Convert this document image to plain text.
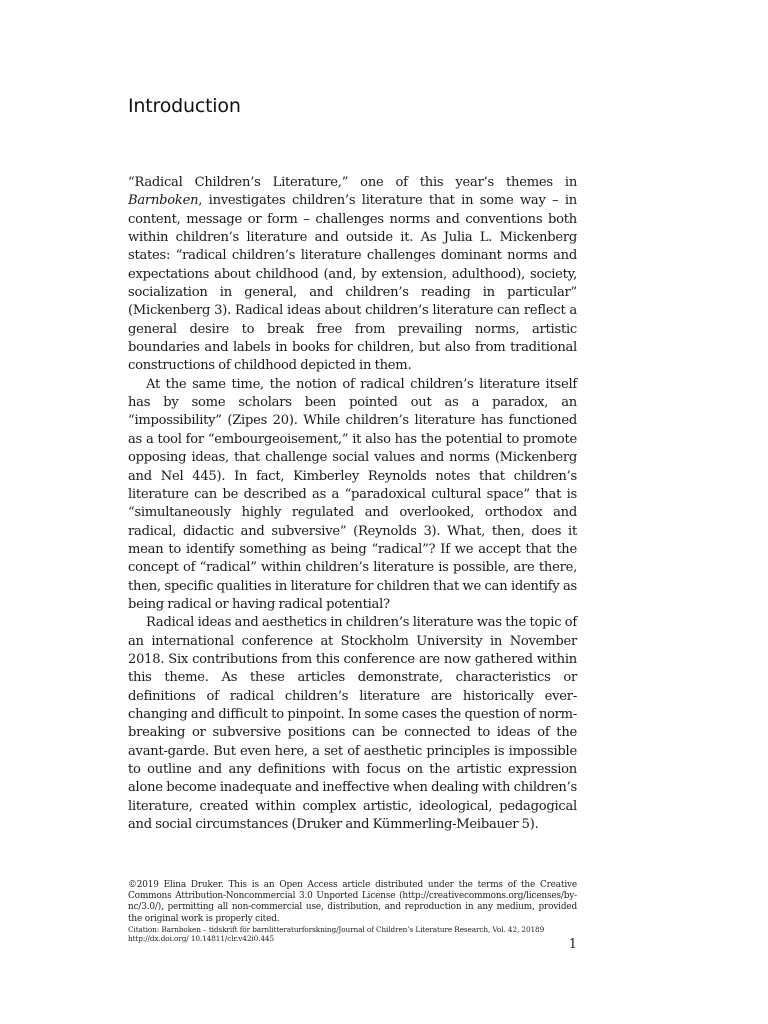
Introduction

“Radical Children’s Literature,” one of this year’s themes in Barnboken, investigates children’s literature that in some way – in content, message or form – challenges norms and conventions both within children’s literature and outside it. As Julia L. Mickenberg states: “radical children’s literature challenges dominant norms and expectations about childhood (and, by extension, adulthood), society, socialization in general, and children’s reading in particular” (Mickenberg 3). Radical ideas about children’s literature can reflect a general desire to break free from prevailing norms, artistic boundaries and labels in books for children, but also from traditional constructions of childhood depicted in them.

At the same time, the notion of radical children’s literature itself has by some scholars been pointed out as a paradox, an “impossibility” (Zipes 20). While children’s literature has functioned as a tool for “embourgeoisement,” it also has the potential to promote opposing ideas, that challenge social values and norms (Mickenberg and Nel 445). In fact, Kimberley Reynolds notes that children’s literature can be described as a “paradoxical cultural space” that is “simultaneously highly regulated and overlooked, orthodox and radical, didactic and subversive” (Reynolds 3). What, then, does it mean to identify something as being “radical”? If we accept that the concept of “radical” within children’s literature is possible, are there, then, specific qualities in literature for children that we can identify as being radical or having radical potential?

Radical ideas and aesthetics in children’s literature was the topic of an international conference at Stockholm University in November 2018. Six contributions from this conference are now gathered within this theme. As these articles demonstrate, characteristics or definitions of radical children’s literature are historically ever-changing and difficult to pinpoint. In some cases the question of norm-breaking or subversive positions can be connected to ideas of the avant-garde. But even here, a set of aesthetic principles is impossible to outline and any definitions with focus on the artistic expression alone become inadequate and ineffective when dealing with children’s literature, created within complex artistic, ideological, pedagogical and social circumstances (Druker and Kümmerling-Meibauer 5).

©2019 Elina Druker. This is an Open Access article distributed under the terms of the Creative Commons Attribution-Noncommercial 3.0 Unported License (http://creativecommons.org/licenses/by-nc/3.0/), permitting all non-commercial use, distribution, and reproduction in any medium, provided the original work is properly cited.

Citation: Barnboken – tidskrift för barnlitteraturforskning/Journal of Children’s Literature Research, Vol. 42, 20189

http://dx.doi.org/ 10.14811/clr.v42i0.445	1
